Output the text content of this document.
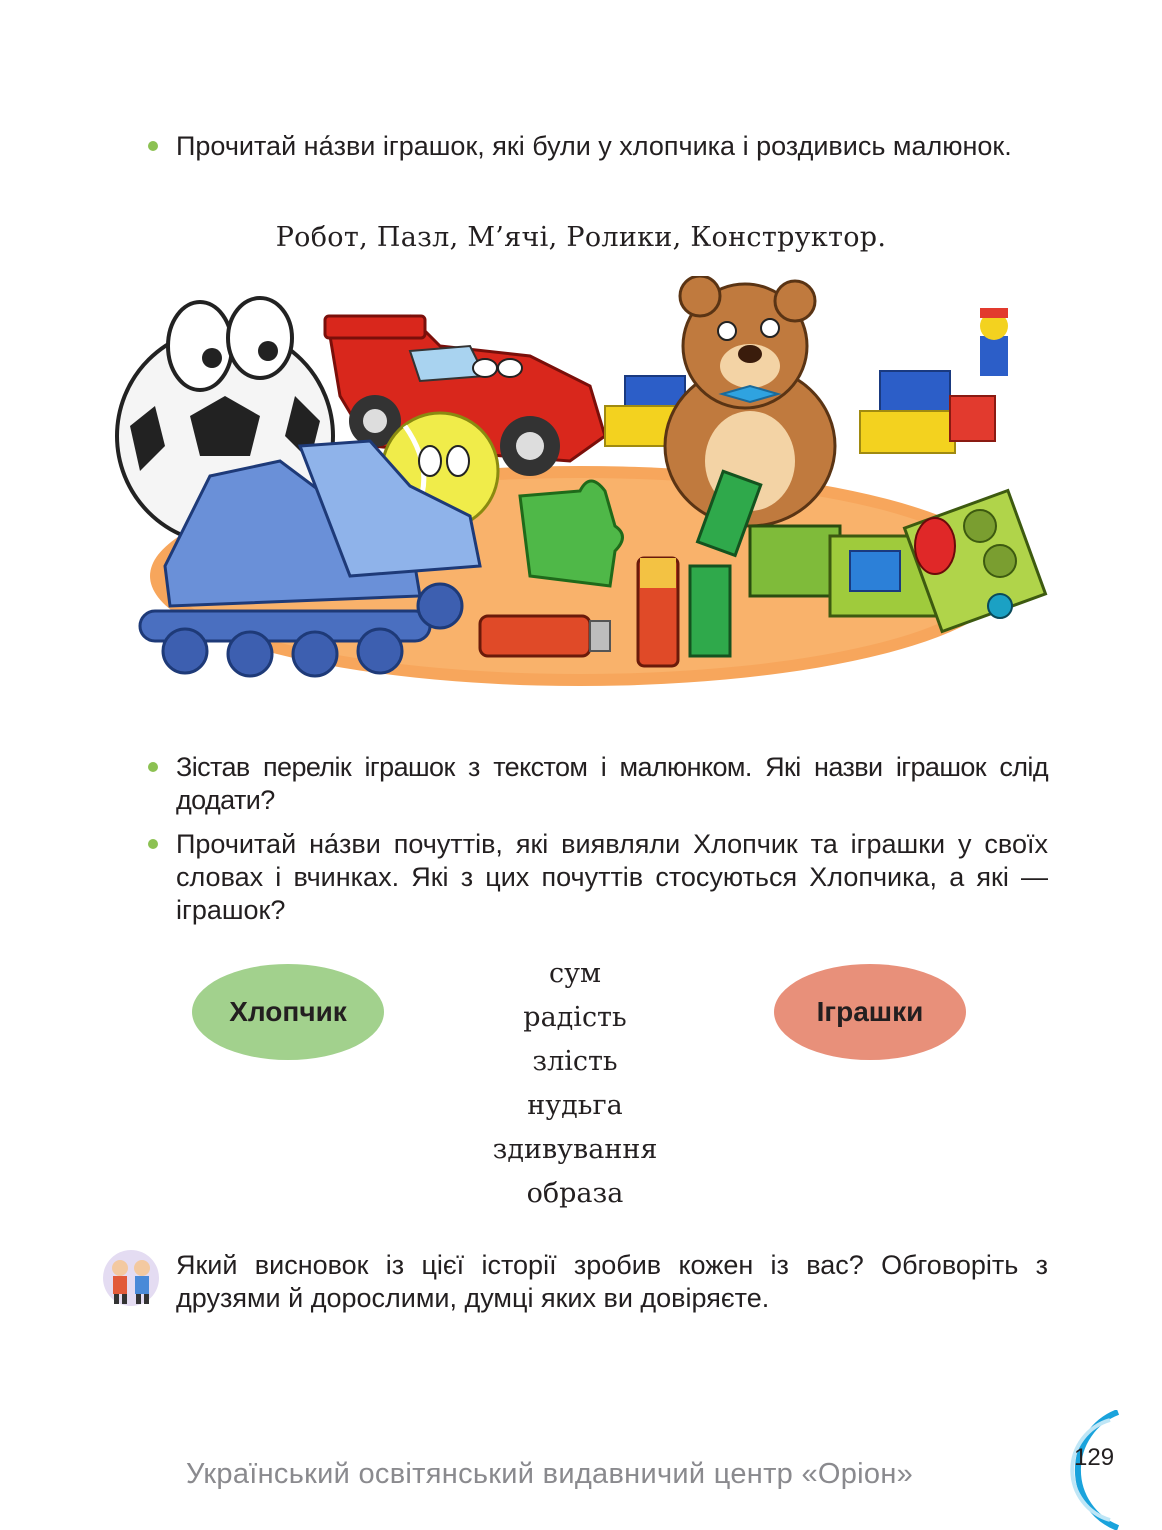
Прочитай на́зви іграшок, які були у хлопчика і роздивись малюнок.
Робот, Пазл, М’ячі, Ролики, Конструктор.
Зістав перелік іграшок з текстом і малюнком. Які назви іграшок слід додати?
Прочитай на́зви почуттів, які виявляли Хлопчик та іграшки у своїх словах і вчинках. Які з цих почуттів стосуються Хлопчика, а які — іграшок?
Хлопчик	Іграшки
сум
радість
злість
нудьга
здивування
образа
Який висновок із цієї історії зробив кожен із вас? Обговоріть з друзями й дорослими, думці яких ви довіряєте.
Український освітянський видавничий центр «Оріон»
129
